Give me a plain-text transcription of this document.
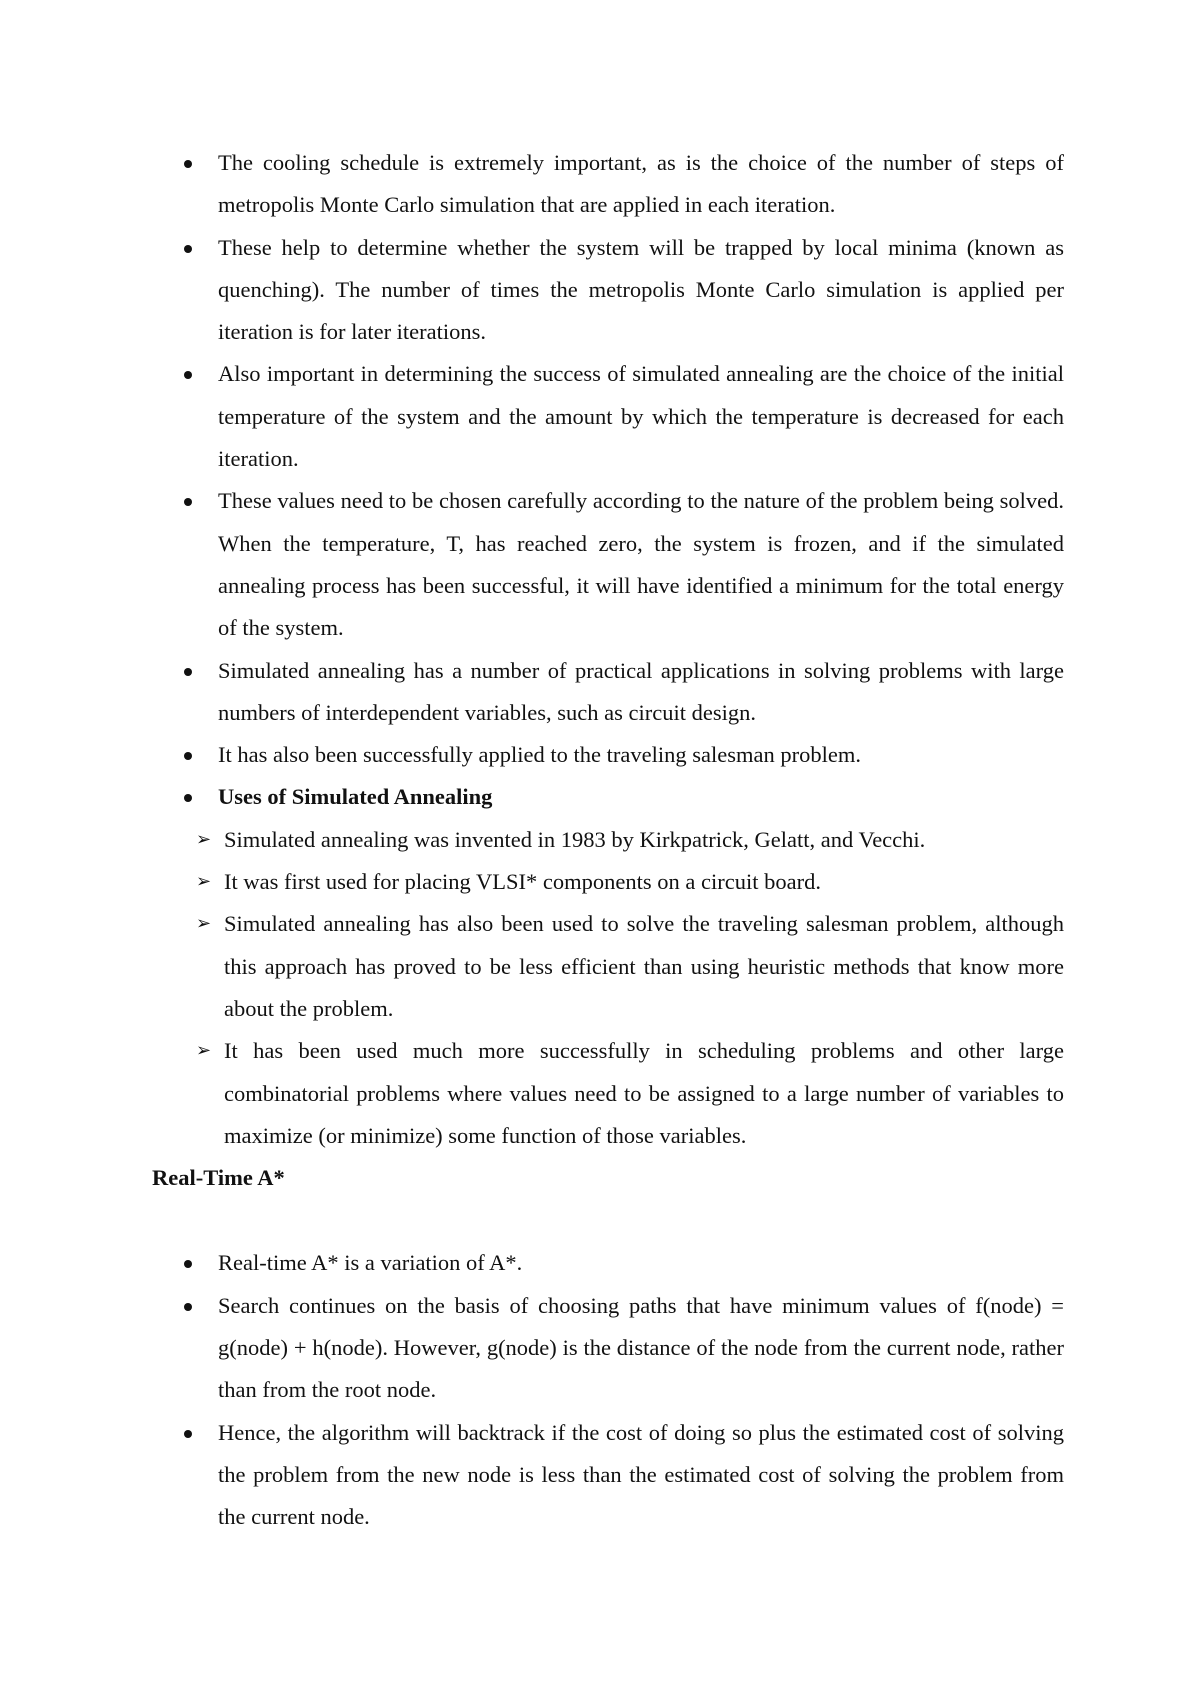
The cooling schedule is extremely important, as is the choice of the number of steps of metropolis Monte Carlo simulation that are applied in each iteration.
These help to determine whether the system will be trapped by local minima (known as quenching). The number of times the metropolis Monte Carlo simulation is applied per iteration is for later iterations.
Also important in determining the success of simulated annealing are the choice of the initial temperature of the system and the amount by which the temperature is decreased for each iteration.
These values need to be chosen carefully according to the nature of the problem being solved. When the temperature, T, has reached zero, the system is frozen, and if the simulated annealing process has been successful, it will have identified a minimum for the total energy of the system.
Simulated annealing has a number of practical applications in solving problems with large numbers of interdependent variables, such as circuit design.
It has also been successfully applied to the traveling salesman problem.
Uses of Simulated Annealing
➢ Simulated annealing was invented in 1983 by Kirkpatrick, Gelatt, and Vecchi.
➢ It was first used for placing VLSI* components on a circuit board.
➢ Simulated annealing has also been used to solve the traveling salesman problem, although this approach has proved to be less efficient than using heuristic methods that know more about the problem.
➢ It has been used much more successfully in scheduling problems and other large combinatorial problems where values need to be assigned to a large number of variables to maximize (or minimize) some function of those variables.

Real-Time A*

Real-time A* is a variation of A*.
Search continues on the basis of choosing paths that have minimum values of f(node) = g(node) + h(node). However, g(node) is the distance of the node from the current node, rather than from the root node.
Hence, the algorithm will backtrack if the cost of doing so plus the estimated cost of solving the problem from the new node is less than the estimated cost of solving the problem from the current node.
